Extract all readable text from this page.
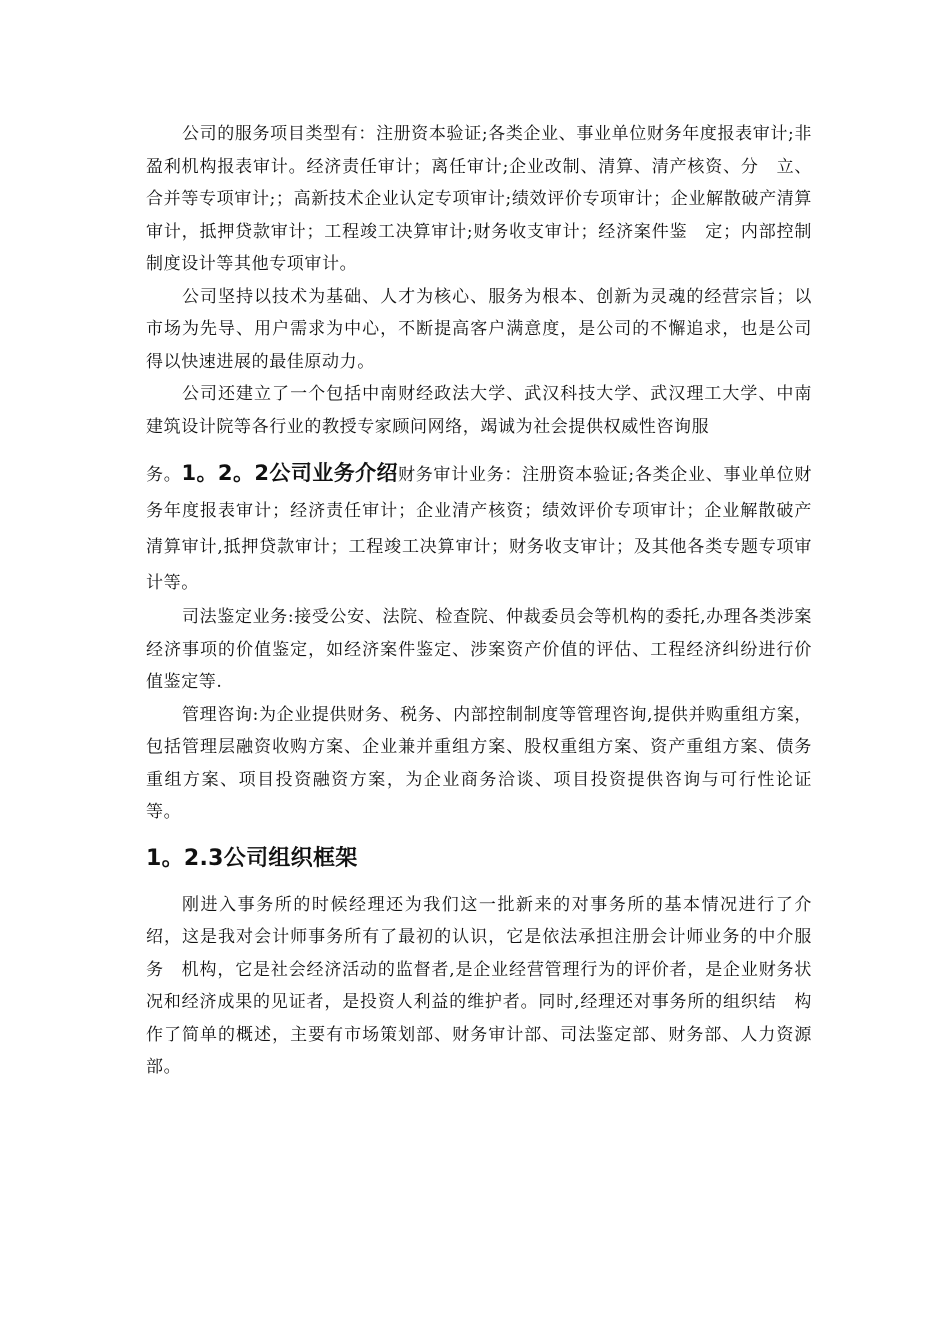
公司的服务项目类型有：注册资本验证;各类企业、事业单位财务年度报表审计;非盈利机构报表审计。经济责任审计；离任审计;企业改制、清算、清产核资、分　立、合并等专项审计;；高新技术企业认定专项审计;绩效评价专项审计；企业解散破产清算审计，抵押贷款审计；工程竣工决算审计;财务收支审计；经济案件鉴　定；内部控制制度设计等其他专项审计。

公司坚持以技术为基础、人才为核心、服务为根本、创新为灵魂的经营宗旨；以市场为先导、用户需求为中心，不断提高客户满意度，是公司的不懈追求，也是公司得以快速进展的最佳原动力。

公司还建立了一个包括中南财经政法大学、武汉科技大学、武汉理工大学、中南建筑设计院等各行业的教授专家顾问网络，竭诚为社会提供权威性咨询服

务。1。2。2公司业务介绍财务审计业务：注册资本验证;各类企业、事业单位财务年度报表审计；经济责任审计；企业清产核资；绩效评价专项审计；企业解散破产清算审计,抵押贷款审计；工程竣工决算审计；财务收支审计；及其他各类专题专项审计等。

司法鉴定业务:接受公安、法院、检查院、仲裁委员会等机构的委托,办理各类涉案经济事项的价值鉴定，如经济案件鉴定、涉案资产价值的评估、工程经济纠纷进行价值鉴定等.

管理咨询:为企业提供财务、税务、内部控制制度等管理咨询,提供并购重组方案，包括管理层融资收购方案、企业兼并重组方案、股权重组方案、资产重组方案、债务重组方案、项目投资融资方案，为企业商务洽谈、项目投资提供咨询与可行性论证等。

1。2.3公司组织框架

刚进入事务所的时候经理还为我们这一批新来的对事务所的基本情况进行了介绍，这是我对会计师事务所有了最初的认识，它是依法承担注册会计师业务的中介服务　机构，它是社会经济活动的监督者,是企业经营管理行为的评价者，是企业财务状况和经济成果的见证者，是投资人利益的维护者。同时,经理还对事务所的组织结　构作了简单的概述，主要有市场策划部、财务审计部、司法鉴定部、财务部、人力资源部。
